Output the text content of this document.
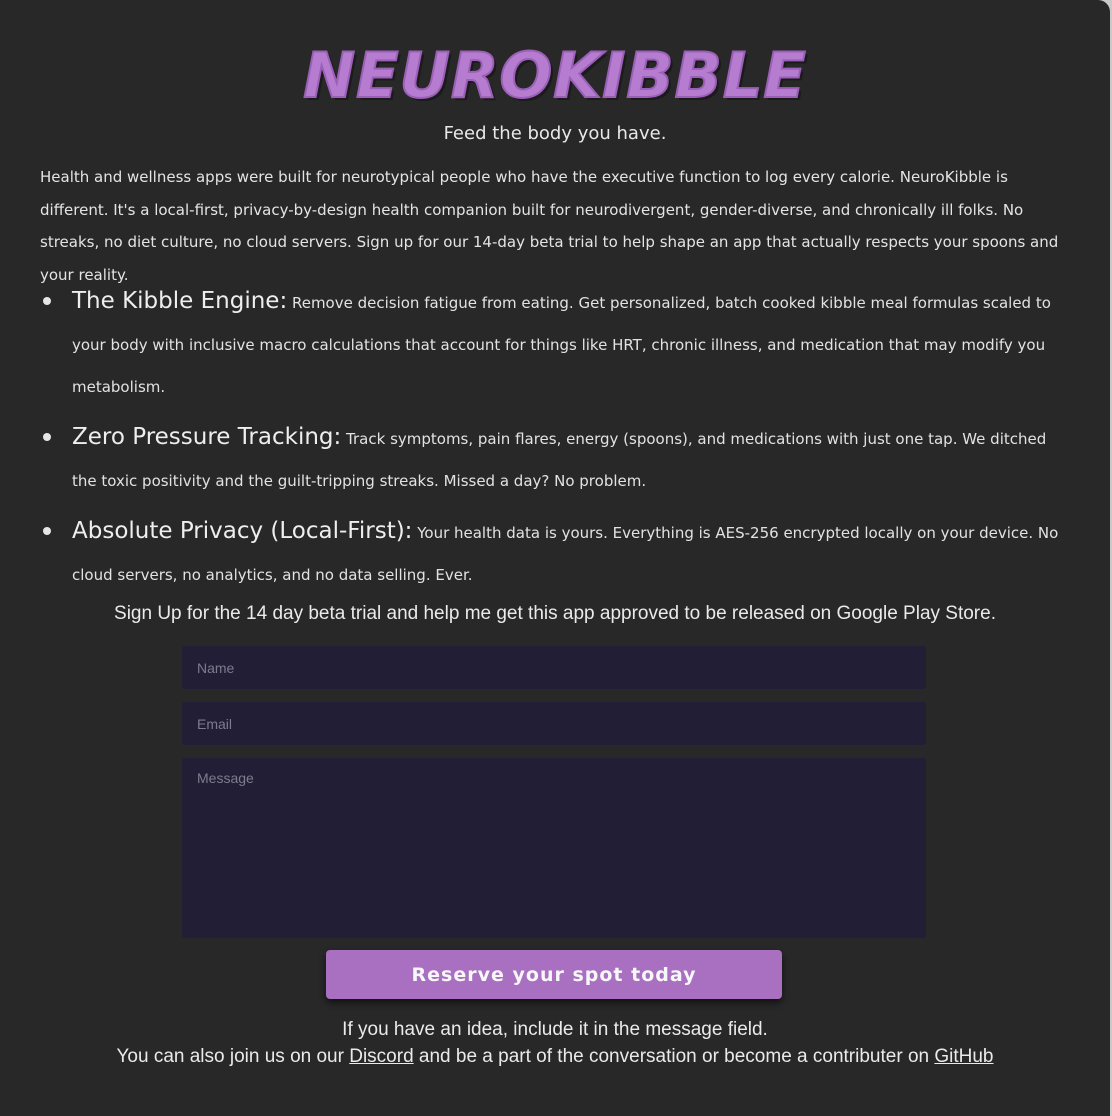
NEUROKIBBLE
Feed the body you have.

Health and wellness apps were built for neurotypical people who have the executive function to log every calorie. NeuroKibble is different. It's a local-first, privacy-by-design health companion built for neurodivergent, gender-diverse, and chronically ill folks. No streaks, no diet culture, no cloud servers. Sign up for our 14-day beta trial to help shape an app that actually respects your spoons and your reality.

The Kibble Engine: Remove decision fatigue from eating. Get personalized, batch cooked kibble meal formulas scaled to your body with inclusive macro calculations that account for things like HRT, chronic illness, and medication that may modify you metabolism.
Zero Pressure Tracking: Track symptoms, pain flares, energy (spoons), and medications with just one tap. We ditched the toxic positivity and the guilt-tripping streaks. Missed a day? No problem.
Absolute Privacy (Local-First): Your health data is yours. Everything is AES-256 encrypted locally on your device. No cloud servers, no analytics, and no data selling. Ever.
Sign Up for the 14 day beta trial and help me get this app approved to be released on Google Play Store.
Name
Email
Message
Reserve your spot today
If you have an idea, include it in the message field.
You can also join us on our Discord and be a part of the conversation or become a contributer on GitHub
